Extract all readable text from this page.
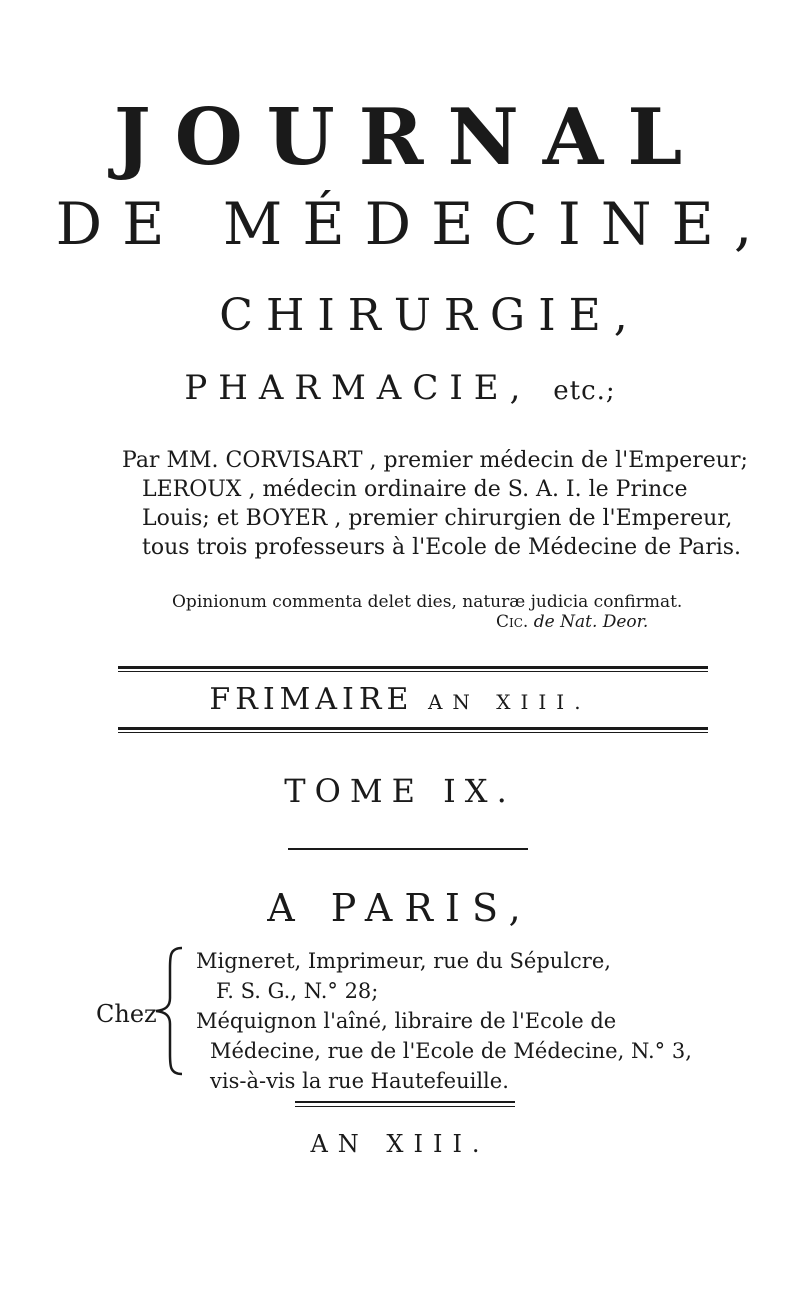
JOURNAL
DE MÉDECINE,
CHIRURGIE,
PHARMACIE, etc.;
Par MM. CORVISART , premier médecin de l'Empereur;
LEROUX , médecin ordinaire de S. A. I. le Prince
Louis; et BOYER , premier chirurgien de l'Empereur,
tous trois professeurs à l'Ecole de Médecine de Paris.
Opinionum commenta delet dies, naturæ judicia confirmat.
Cic. de Nat. Deor.
FRIMAIRE AN XIII.
TOME IX.
A PARIS,
Chez
Migneret, Imprimeur, rue du Sépulcre,
F. S. G., N.° 28;
Méquignon l'aîné, libraire de l'Ecole de
Médecine, rue de l'Ecole de Médecine, N.° 3,
vis-à-vis la rue Hautefeuille.
AN XIII.
